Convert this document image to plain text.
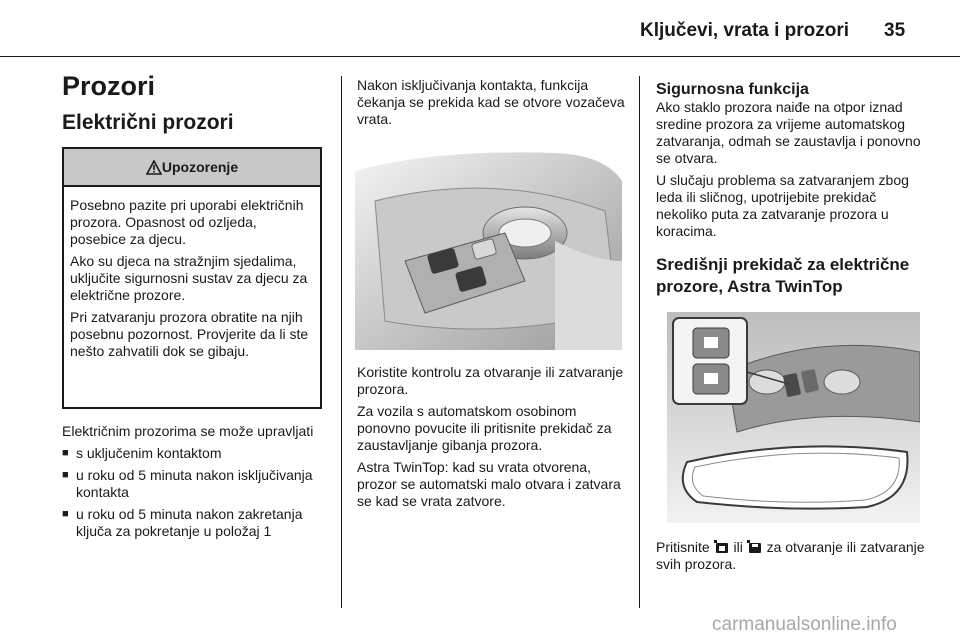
Ključevi, vrata i prozori 35
Prozori
Električni prozori
Upozorenje

Posebno pazite pri uporabi električnih prozora. Opasnost od ozljeda, posebice za djecu.

Ako su djeca na stražnjim sjedalima, uključite sigurnosni sustav za djecu za električne prozore.

Pri zatvaranju prozora obratite na njih posebnu pozornost. Provjerite da li ste nešto zahvatili dok se gibaju.

Električnim prozorima se može upravljati

■ s uključenim kontaktom
■ u roku od 5 minuta nakon isključivanja kontakta
■ u roku od 5 minuta nakon zakretanja ključa za pokretanje u položaj 1

Nakon isključivanja kontakta, funkcija čekanja se prekida kad se otvore vozačeva vrata.

Koristite kontrolu za otvaranje ili zatvaranje prozora.

Za vozila s automatskom osobinom ponovno povucite ili pritisnite prekidač za zaustavljanje gibanja prozora.

Astra TwinTop: kad su vrata otvorena, prozor se automatski malo otvara i zatvara se kad se vrata zatvore.

Sigurnosna funkcija

Ako staklo prozora naiđe na otpor iznad sredine prozora za vrijeme automatskog zatvaranja, odmah se zaustavlja i ponovno se otvara.

U slučaju problema sa zatvaranjem zbog leda ili sličnog, upotrijebite prekidač nekoliko puta za zatvaranje prozora u koracima.

Središnji prekidač za električne prozore, Astra TwinTop

Pritisnite ili za otvaranje ili zatvaranje svih prozora.

carmanualsonline.info
